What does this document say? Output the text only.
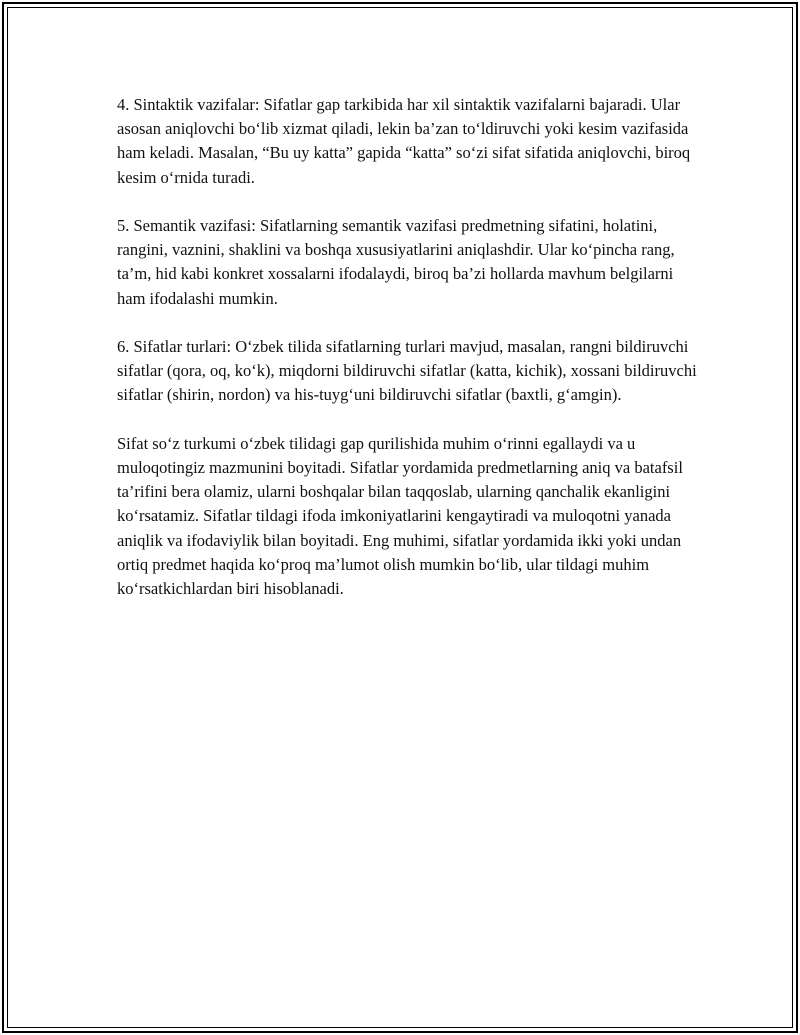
4. Sintaktik vazifalar: Sifatlar gap tarkibida har xil sintaktik vazifalarni bajaradi. Ular asosan aniqlovchi bo‘lib xizmat qiladi, lekin ba’zan to‘ldiruvchi yoki kesim vazifasida ham keladi. Masalan, “Bu uy katta” gapida “katta” so‘zi sifat sifatida aniqlovchi, biroq kesim o‘rnida turadi.

5. Semantik vazifasi: Sifatlarning semantik vazifasi predmetning sifatini, holatini, rangini, vaznini, shaklini va boshqa xususiyatlarini aniqlashdir. Ular ko‘pincha rang, ta’m, hid kabi konkret xossalarni ifodalaydi, biroq ba’zi hollarda mavhum belgilarni ham ifodalashi mumkin.

6. Sifatlar turlari: O‘zbek tilida sifatlarning turlari mavjud, masalan, rangni bildiruvchi sifatlar (qora, oq, ko‘k), miqdorni bildiruvchi sifatlar (katta, kichik), xossani bildiruvchi sifatlar (shirin, nordon) va his-tuyg‘uni bildiruvchi sifatlar (baxtli, g‘amgin).

Sifat so‘z turkumi o‘zbek tilidagi gap qurilishida muhim o‘rinni egallaydi va u muloqotingiz mazmunini boyitadi. Sifatlar yordamida predmetlarning aniq va batafsil ta’rifini bera olamiz, ularni boshqalar bilan taqqoslab, ularning qanchalik ekanligini ko‘rsatamiz. Sifatlar tildagi ifoda imkoniyatlarini kengaytiradi va muloqotni yanada aniqlik va ifodaviylik bilan boyitadi. Eng muhimi, sifatlar yordamida ikki yoki undan ortiq predmet haqida ko‘proq ma’lumot olish mumkin bo‘lib, ular tildagi muhim ko‘rsatkichlardan biri hisoblanadi.
